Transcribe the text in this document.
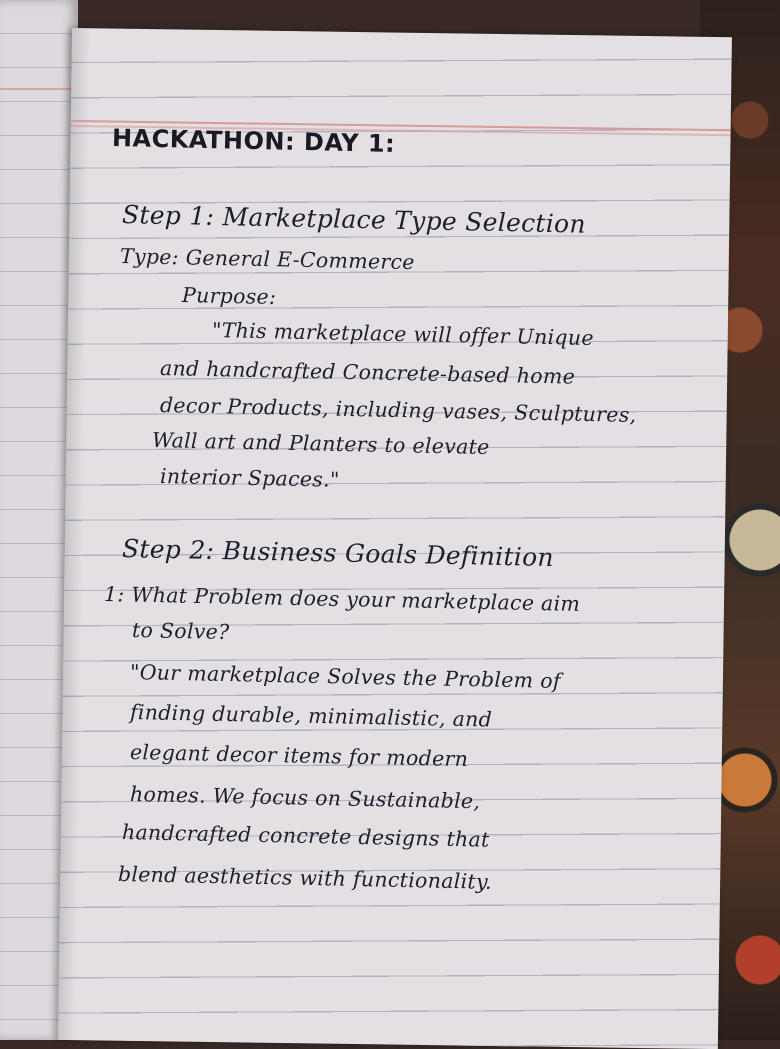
HACKATHON: DAY 1:
Step 1: Marketplace Type Selection
Type: General E-Commerce
Purpose:
"This marketplace will offer Unique
and handcrafted Concrete-based home
decor Products, including vases, Sculptures,
Wall art and Planters to elevate
interior Spaces."
Step 2: Business Goals Definition
1: What Problem does your marketplace aim
to Solve?
"Our marketplace Solves the Problem of
finding durable, minimalistic, and
elegant decor items for modern
homes. We focus on Sustainable,
handcrafted concrete designs that
blend aesthetics with functionality.
